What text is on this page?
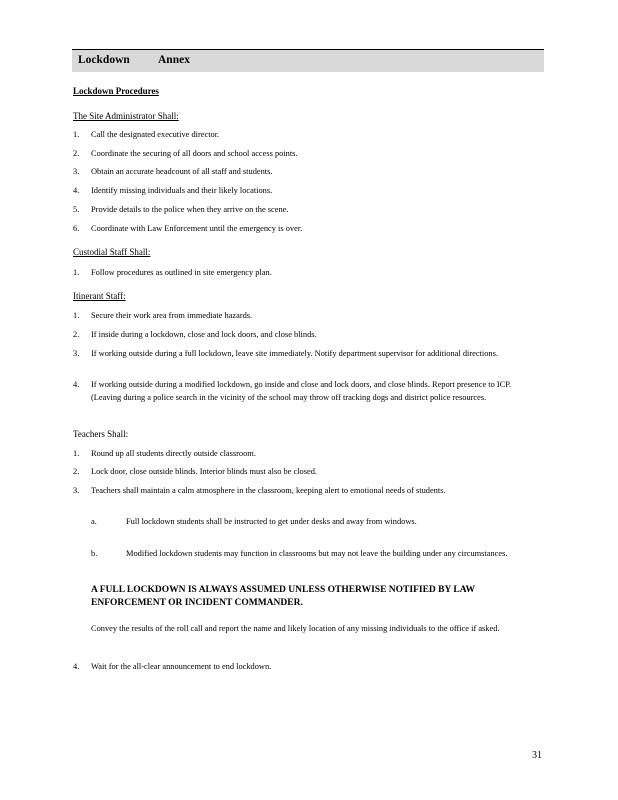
Lockdown Annex
Lockdown Procedures
The Site Administrator Shall:
1. Call the designated executive director.
2. Coordinate the securing of all doors and school access points.
3. Obtain an accurate headcount of all staff and students.
4. Identify missing individuals and their likely locations.
5. Provide details to the police when they arrive on the scene.
6. Coordinate with Law Enforcement until the emergency is over.
Custodial Staff Shall:
1. Follow procedures as outlined in site emergency plan.
Itinerant Staff:
1. Secure their work area from immediate hazards.
2. If inside during a lockdown, close and lock doors, and close blinds.
3. If working outside during a full lockdown, leave site immediately. Notify department supervisor for additional directions.
4. If working outside during a modified lockdown, go inside and close and lock doors, and close blinds. Report presence to ICP. (Leaving during a police search in the vicinity of the school may throw off tracking dogs and district police resources.
Teachers Shall:
1. Round up all students directly outside classroom.
2. Lock door, close outside blinds. Interior blinds must also be closed.
3. Teachers shall maintain a calm atmosphere in the classroom, keeping alert to emotional needs of students.
a.	Full lockdown students shall be instructed to get under desks and away from windows.
b.	Modified lockdown students may function in classrooms but may not leave the building under any circumstances.
A FULL LOCKDOWN IS ALWAYS ASSUMED UNLESS OTHERWISE NOTIFIED BY LAW ENFORCEMENT OR INCIDENT COMMANDER.
Convey the results of the roll call and report the name and likely location of any missing individuals to the office if asked.
4. Wait for the all-clear announcement to end lockdown.
31
